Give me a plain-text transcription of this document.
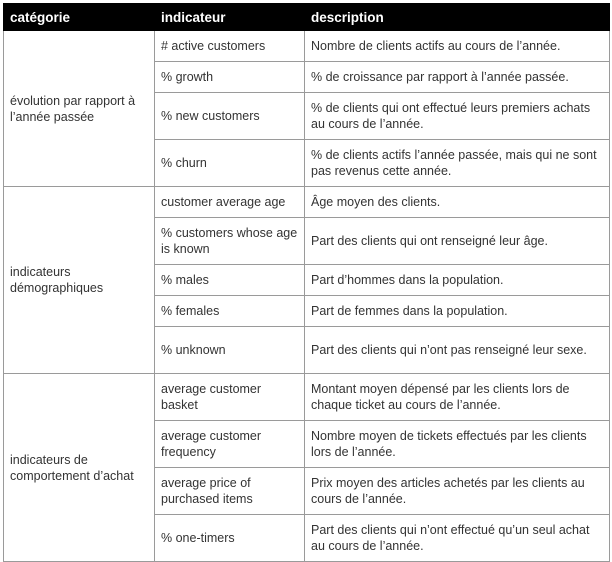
catégorie	indicateur	description
évolution par rapport à l’année passée	# active customers	Nombre de clients actifs au cours de l’année.
	% growth	% de croissance par rapport à l’année passée.
	% new customers	% de clients qui ont effectué leurs premiers achats au cours de l’année.
	% churn	% de clients actifs l’année passée, mais qui ne sont pas revenus cette année.
indicateurs démographiques	customer average age	Âge moyen des clients.
	% customers whose age is known	Part des clients qui ont renseigné leur âge.
	% males	Part d’hommes dans la population.
	% females	Part de femmes dans la population.
	% unknown	Part des clients qui n’ont pas renseigné leur sexe.
indicateurs de comportement d’achat	average customer basket	Montant moyen dépensé par les clients lors de chaque ticket au cours de l’année.
	average customer frequency	Nombre moyen de tickets effectués par les clients lors de l’année.
	average price of purchased items	Prix moyen des articles achetés par les clients au cours de l’année.
	% one-timers	Part des clients qui n’ont effectué qu’un seul achat au cours de l’année.
